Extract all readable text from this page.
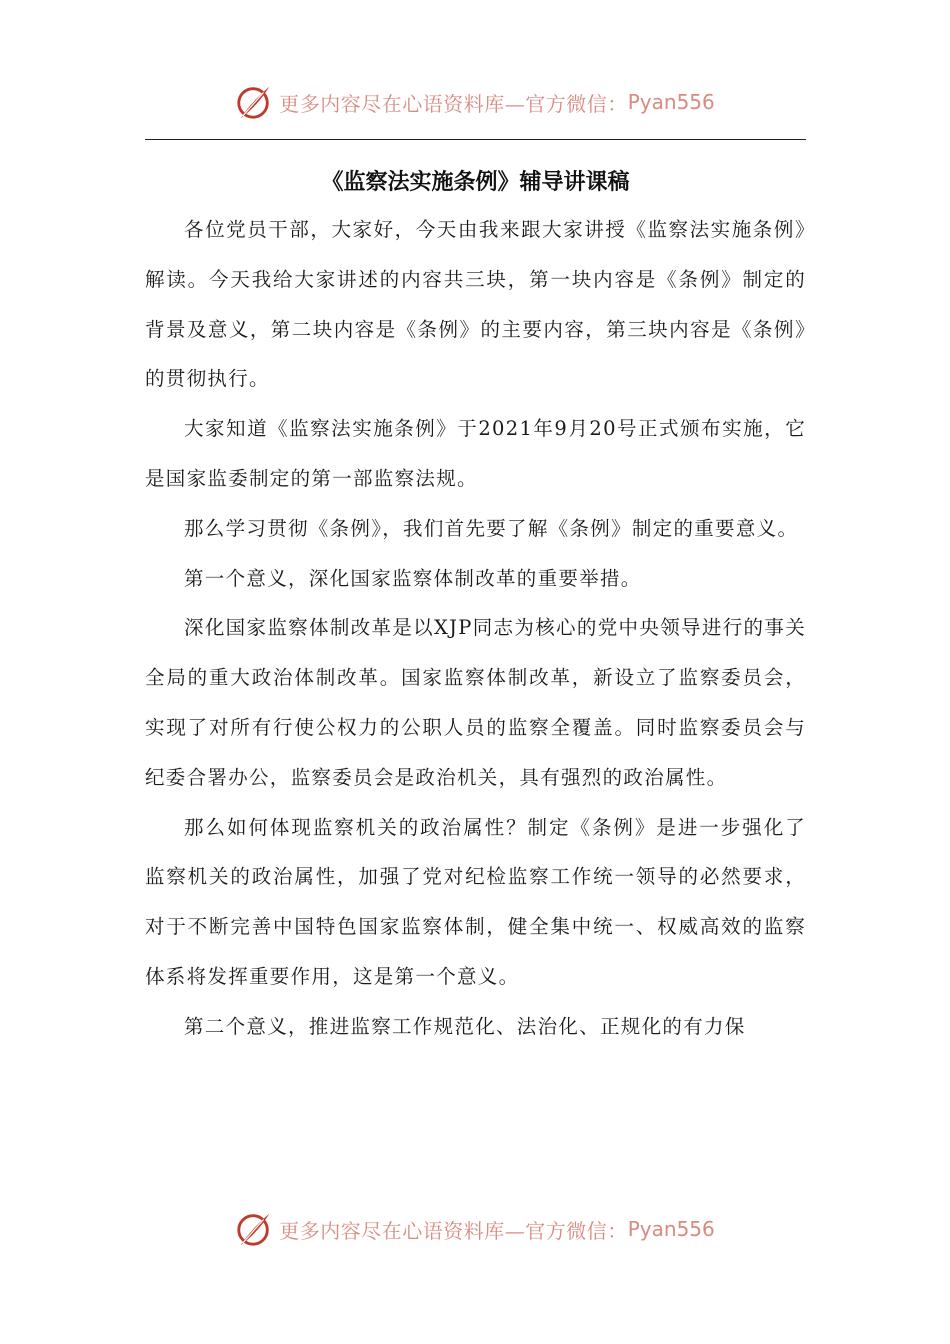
更多内容尽在心语资料库—官方微信： Pyan556
《监察法实施条例》辅导讲课稿

各位党员干部，大家好，今天由我来跟大家讲授《监察法实施条例》解读。今天我给大家讲述的内容共三块，第一块内容是《条例》制定的背景及意义，第二块内容是《条例》的主要内容，第三块内容是《条例》的贯彻执行。

大家知道《监察法实施条例》于2021年9月20号正式颁布实施，它是国家监委制定的第一部监察法规。

那么学习贯彻《条例》，我们首先要了解《条例》制定的重要意义。

第一个意义，深化国家监察体制改革的重要举措。

深化国家监察体制改革是以XJP同志为核心的党中央领导进行的事关全局的重大政治体制改革。国家监察体制改革，新设立了监察委员会，实现了对所有行使公权力的公职人员的监察全覆盖。同时监察委员会与纪委合署办公，监察委员会是政治机关，具有强烈的政治属性。

那么如何体现监察机关的政治属性？制定《条例》是进一步强化了监察机关的政治属性，加强了党对纪检监察工作统一领导的必然要求，对于不断完善中国特色国家监察体制，健全集中统一、权威高效的监察体系将发挥重要作用，这是第一个意义。

第二个意义，推进监察工作规范化、法治化、正规化的有力保

更多内容尽在心语资料库—官方微信： Pyan556
